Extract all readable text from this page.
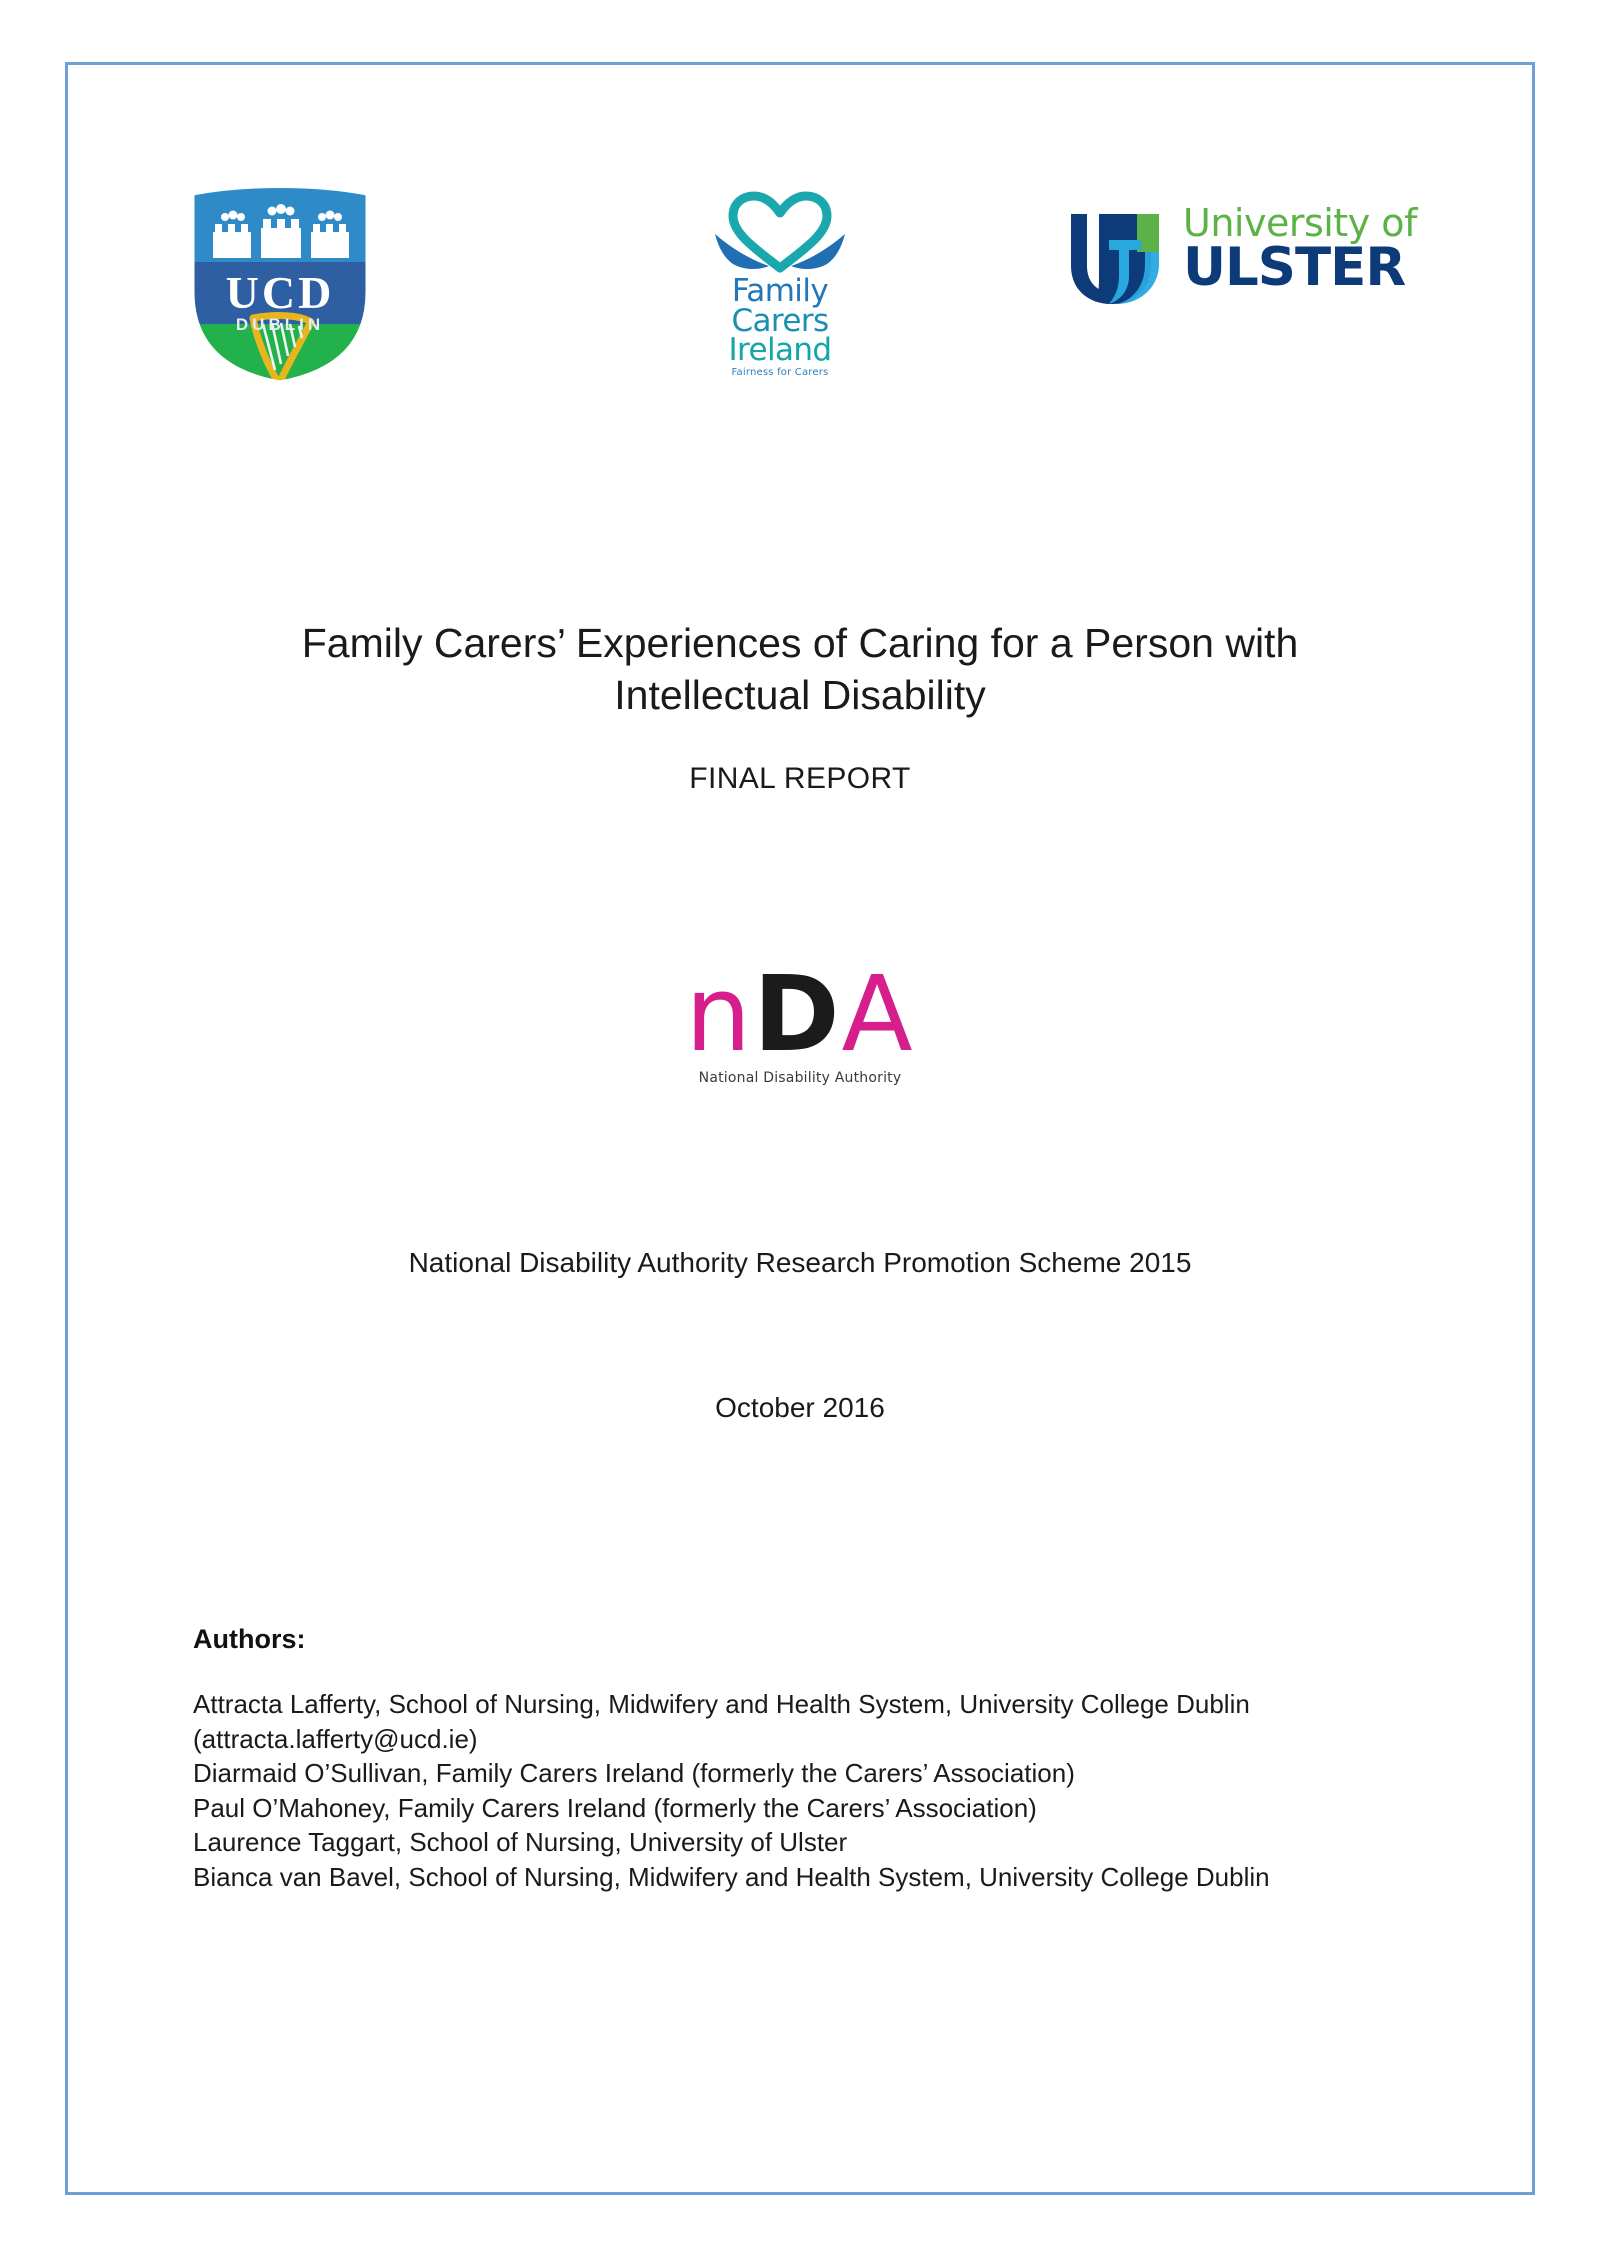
UCD
DUBLIN
Family
Carers
Ireland
Fairness for Carers
University of
ULSTER
Family Carers’ Experiences of Caring for a Person with
Intellectual Disability
FINAL REPORT
nDA
National Disability Authority
National Disability Authority Research Promotion Scheme 2015
October 2016
Authors:
Attracta Lafferty, School of Nursing, Midwifery and Health System, University College Dublin (attracta.lafferty@ucd.ie)
Diarmaid O’Sullivan, Family Carers Ireland (formerly the Carers’ Association)
Paul O’Mahoney, Family Carers Ireland (formerly the Carers’ Association)
Laurence Taggart, School of Nursing, University of Ulster
Bianca van Bavel, School of Nursing, Midwifery and Health System, University College Dublin
